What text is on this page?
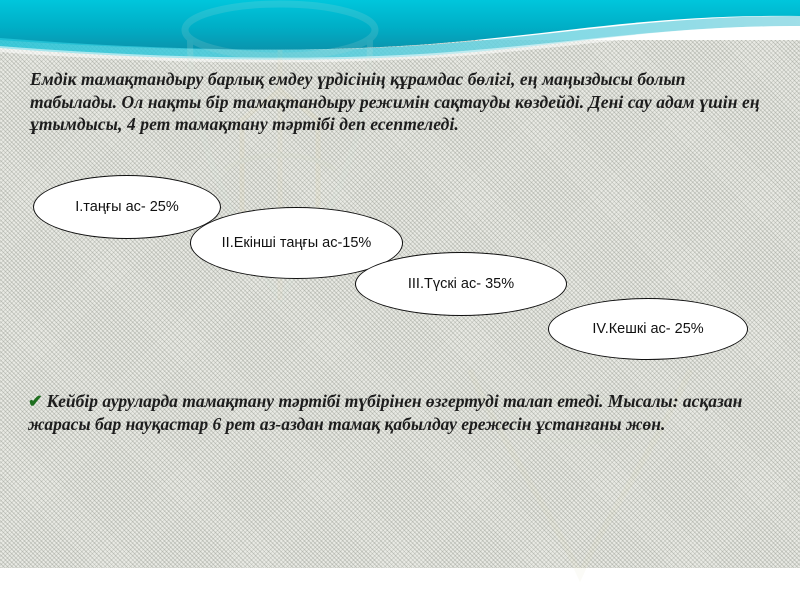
Емдік тамақтандыру барлық емдеу үрдісінің құрамдас бөлігі, ең маңыздысы болып табылады. Ол нақты бір тамақтандыру режимін сақтауды көздейді. Дені сау адам үшін ең ұтымдысы, 4 рет тамақтану тәртібі деп есептеледі.
I.таңғы ас- 25%
II.Екінші таңғы ас-15%
III.Түскі ас- 35%
IV.Кешкі ас- 25%
✔ Кейбір ауруларда тамақтану тәртібі түбірінен өзгертуді талап етеді. Мысалы: асқазан жарасы бар науқастар 6 рет аз-аздан тамақ қабылдау ережесін ұстанғаны жөн.
